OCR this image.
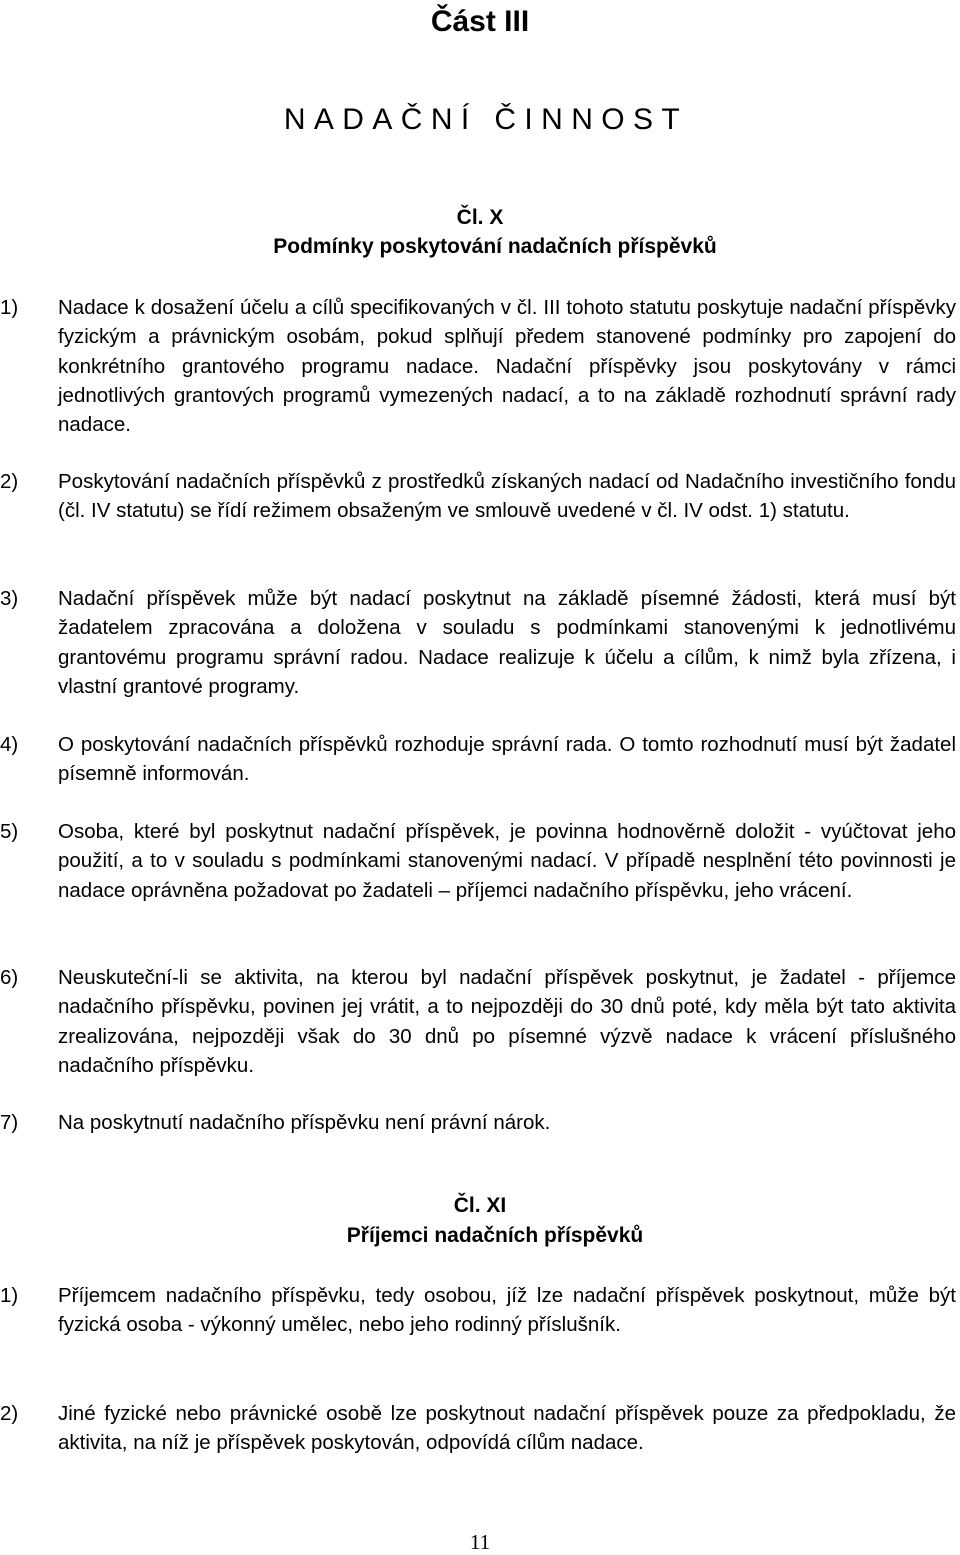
Část III
NADAČNÍ ČINNOST
Čl. X
Podmínky poskytování nadačních příspěvků
1) Nadace k dosažení účelu a cílů specifikovaných v čl. III tohoto statutu poskytuje nadační příspěvky fyzickým a právnickým osobám, pokud splňují předem stanovené podmínky pro zapojení do konkrétního grantového programu nadace. Nadační příspěvky jsou poskytovány v rámci jednotlivých grantových programů vymezených nadací, a to na základě rozhodnutí správní rady nadace.
2) Poskytování nadačních příspěvků z prostředků získaných nadací od Nadačního investičního fondu (čl. IV statutu) se řídí režimem obsaženým ve smlouvě uvedené v čl. IV odst. 1) statutu.
3) Nadační příspěvek může být nadací poskytnut na základě písemné žádosti, která musí být žadatelem zpracována a doložena v souladu s podmínkami stanovenými k jednotlivému grantovému programu správní radou. Nadace realizuje k účelu a cílům, k nimž byla zřízena, i vlastní grantové programy.
4) O poskytování nadačních příspěvků rozhoduje správní rada. O tomto rozhodnutí musí být žadatel písemně informován.
5) Osoba, které byl poskytnut nadační příspěvek, je povinna hodnověrně doložit - vyúčtovat jeho použití, a to v souladu s podmínkami stanovenými nadací. V případě nesplnění této povinnosti je nadace oprávněna požadovat po žadateli – příjemci nadačního příspěvku, jeho vrácení.
6) Neuskuteční-li se aktivita, na kterou byl nadační příspěvek poskytnut, je žadatel - příjemce nadačního příspěvku, povinen jej vrátit, a to nejpozději do 30 dnů poté, kdy měla být tato aktivita zrealizována, nejpozději však do 30 dnů po písemné výzvě nadace k vrácení příslušného nadačního příspěvku.
7) Na poskytnutí nadačního příspěvku není právní nárok.
Čl. XI
Příjemci nadačních příspěvků
1) Příjemcem nadačního příspěvku, tedy osobou, jíž lze nadační příspěvek poskytnout, může být fyzická osoba - výkonný umělec, nebo jeho rodinný příslušník.
2) Jiné fyzické nebo právnické osobě lze poskytnout nadační příspěvek pouze za předpokladu, že aktivita, na níž je příspěvek poskytován, odpovídá cílům nadace.
11
